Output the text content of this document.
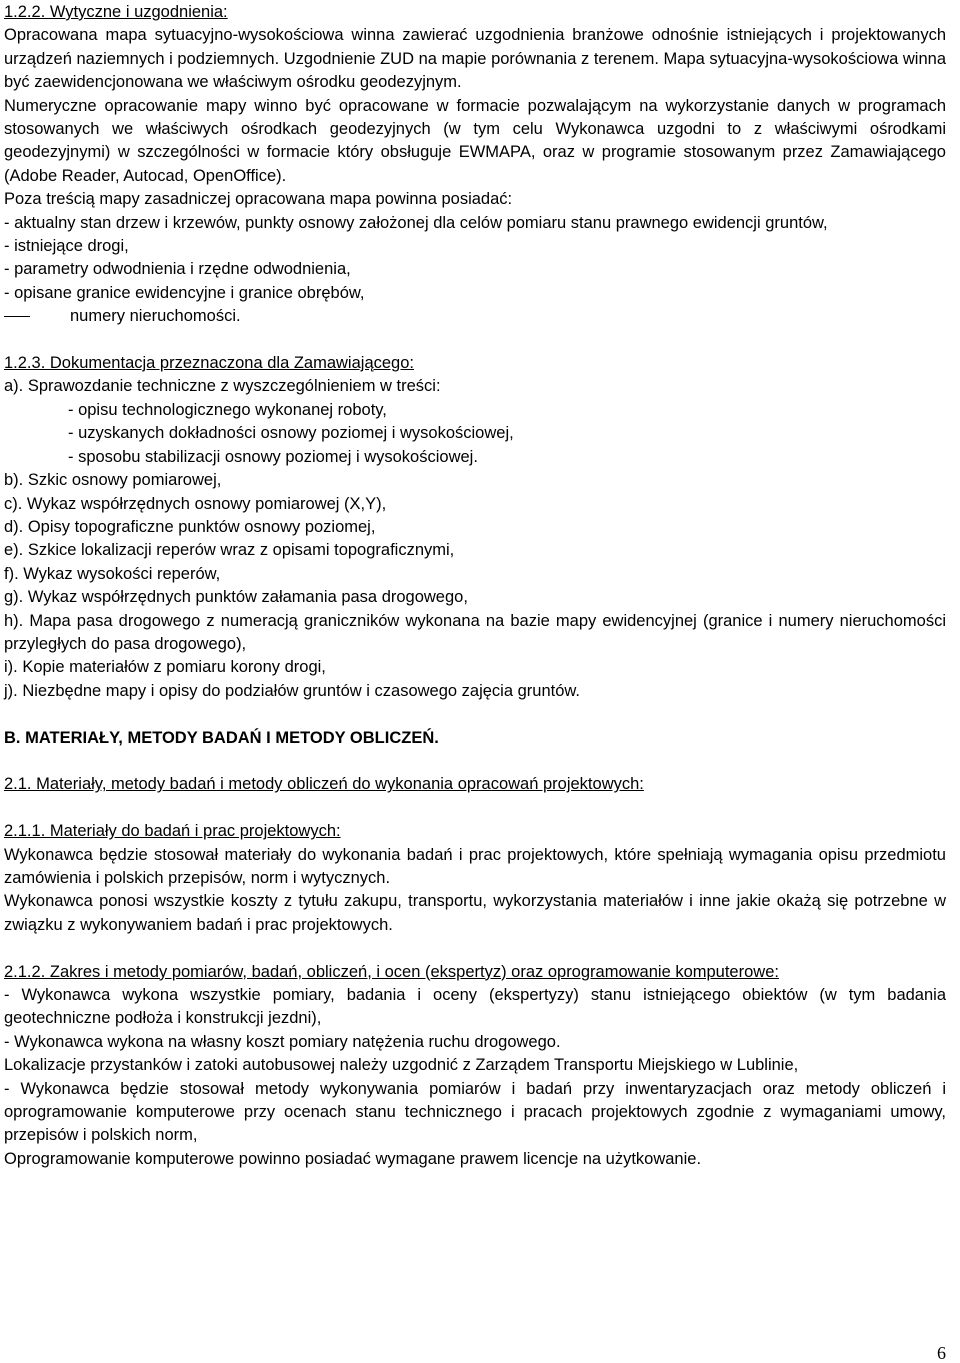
1.2.2. Wytyczne i uzgodnienia:

Opracowana mapa sytuacyjno-wysokościowa winna zawierać uzgodnienia branżowe odnośnie istniejących i projektowanych urządzeń naziemnych i podziemnych. Uzgodnienie ZUD na mapie porównania z terenem. Mapa sytuacyjna-wysokościowa winna być zaewidencjonowana we właściwym ośrodku geodezyjnym.

Numeryczne opracowanie mapy winno być opracowane w formacie pozwalającym na wykorzystanie danych w programach stosowanych we właściwych ośrodkach geodezyjnych (w tym celu Wykonawca uzgodni to z właściwymi ośrodkami geodezyjnymi) w szczególności w formacie który obsługuje EWMAPA, oraz w programie stosowanym przez Zamawiającego (Adobe Reader, Autocad, OpenOffice).

Poza treścią mapy zasadniczej opracowana mapa powinna posiadać:

- aktualny stan drzew i krzewów, punkty osnowy założonej dla celów pomiaru stanu prawnego ewidencji gruntów,

- istniejące drogi,

- parametry odwodnienia i rzędne odwodnienia,

- opisane granice ewidencyjne i granice obrębów,

numery nieruchomości.

1.2.3. Dokumentacja przeznaczona dla Zamawiającego:

a). Sprawozdanie techniczne z wyszczególnieniem w treści:

- opisu technologicznego wykonanej roboty,

- uzyskanych dokładności osnowy poziomej i wysokościowej,

- sposobu stabilizacji osnowy poziomej i wysokościowej.

b). Szkic osnowy pomiarowej,

c). Wykaz współrzędnych osnowy pomiarowej (X,Y),

d). Opisy topograficzne punktów osnowy poziomej,

e). Szkice lokalizacji reperów wraz z opisami topograficznymi,

f). Wykaz wysokości reperów,

g). Wykaz współrzędnych punktów załamania pasa drogowego,

h). Mapa pasa drogowego z numeracją graniczników wykonana na bazie mapy ewidencyjnej (granice i numery nieruchomości przyległych do pasa drogowego),

i). Kopie materiałów z pomiaru korony drogi,

j). Niezbędne mapy i opisy do podziałów gruntów i czasowego zajęcia gruntów.

B. MATERIAŁY, METODY BADAŃ I METODY OBLICZEŃ.

2.1. Materiały, metody badań i metody obliczeń do wykonania opracowań projektowych:

2.1.1. Materiały do badań i prac projektowych:

Wykonawca będzie stosował materiały do wykonania badań i prac projektowych, które spełniają wymagania opisu przedmiotu zamówienia i polskich przepisów, norm i wytycznych.

Wykonawca ponosi wszystkie koszty z tytułu zakupu, transportu, wykorzystania materiałów i inne jakie okażą się potrzebne w związku z wykonywaniem badań i prac projektowych.

2.1.2. Zakres i metody pomiarów, badań, obliczeń, i ocen (ekspertyz) oraz oprogramowanie komputerowe:

- Wykonawca wykona wszystkie pomiary, badania i oceny (ekspertyzy) stanu istniejącego obiektów (w tym badania geotechniczne podłoża i konstrukcji jezdni),

- Wykonawca wykona na własny koszt pomiary natężenia ruchu drogowego.

Lokalizacje przystanków i zatoki autobusowej należy uzgodnić z Zarządem Transportu Miejskiego w Lublinie,

- Wykonawca będzie stosował metody wykonywania pomiarów i badań przy inwentaryzacjach oraz metody obliczeń i oprogramowanie komputerowe przy ocenach stanu technicznego i pracach projektowych zgodnie z wymaganiami umowy, przepisów i polskich norm,

Oprogramowanie komputerowe powinno posiadać wymagane prawem licencje na użytkowanie.

6
